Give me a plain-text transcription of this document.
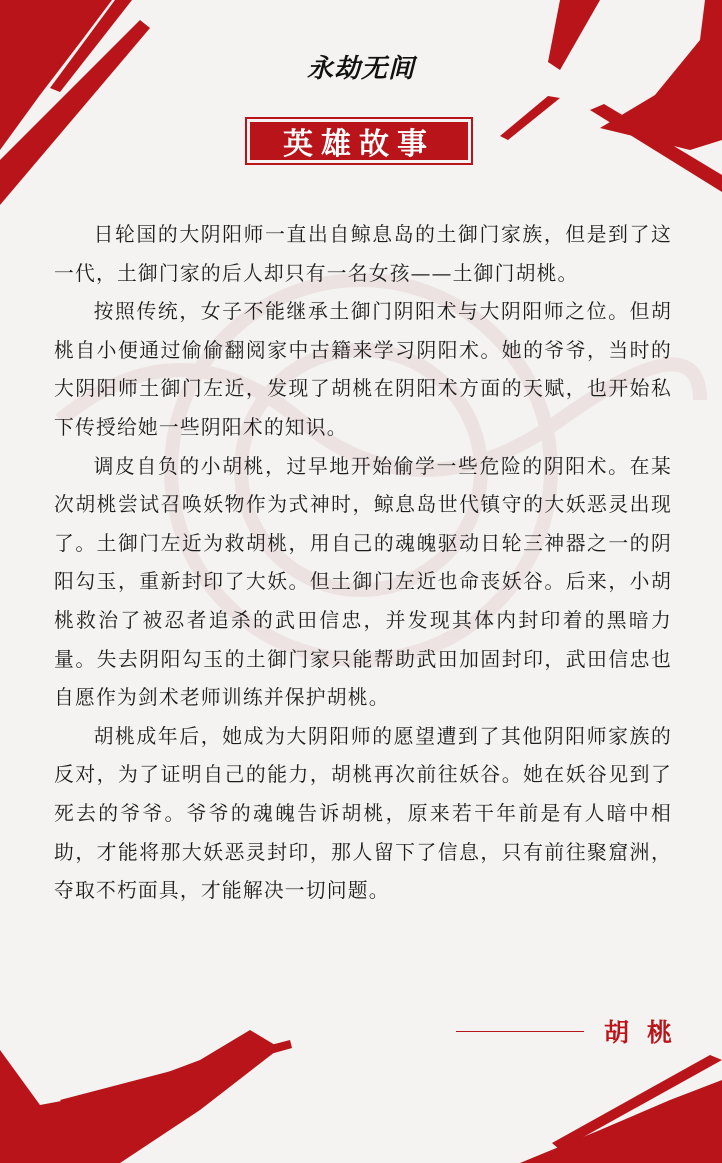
永劫无间
英雄故事

日轮国的大阴阳师一直出自鲸息岛的土御门家族，但是到了这一代，土御门家的后人却只有一名女孩——土御门胡桃。

按照传统，女子不能继承土御门阴阳术与大阴阳师之位。但胡桃自小便通过偷偷翻阅家中古籍来学习阴阳术。她的爷爷，当时的大阴阳师土御门左近，发现了胡桃在阴阳术方面的天赋，也开始私下传授给她一些阴阳术的知识。

调皮自负的小胡桃，过早地开始偷学一些危险的阴阳术。在某次胡桃尝试召唤妖物作为式神时，鲸息岛世代镇守的大妖恶灵出现了。土御门左近为救胡桃，用自己的魂魄驱动日轮三神器之一的阴阳勾玉，重新封印了大妖。但土御门左近也命丧妖谷。后来，小胡桃救治了被忍者追杀的武田信忠，并发现其体内封印着的黑暗力量。失去阴阳勾玉的土御门家只能帮助武田加固封印，武田信忠也自愿作为剑术老师训练并保护胡桃。

胡桃成年后，她成为大阴阳师的愿望遭到了其他阴阳师家族的反对，为了证明自己的能力，胡桃再次前往妖谷。她在妖谷见到了死去的爷爷。爷爷的魂魄告诉胡桃，原来若干年前是有人暗中相助，才能将那大妖恶灵封印，那人留下了信息，只有前往聚窟洲，夺取不朽面具，才能解决一切问题。

胡桃
